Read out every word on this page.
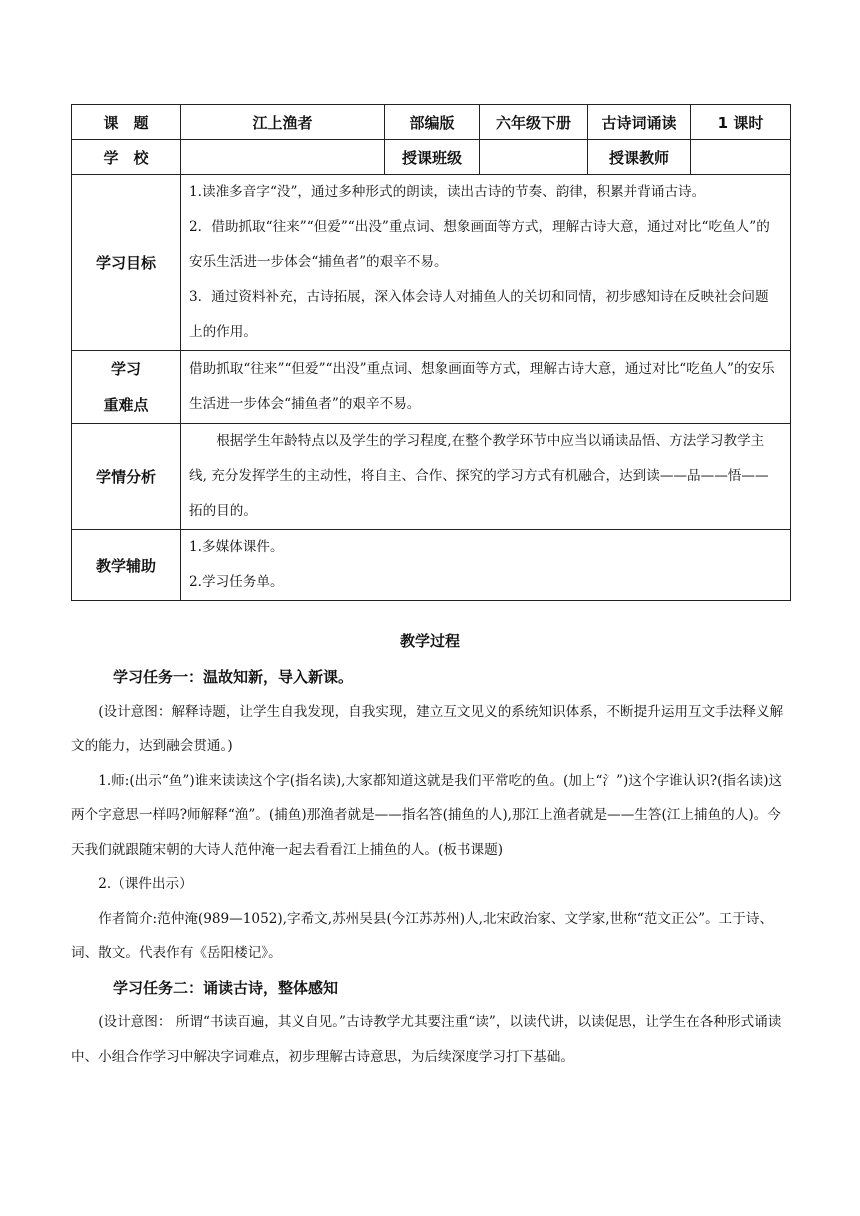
课　题	江上渔者	部编版	六年级下册	古诗词诵读	1 课时
学　校		授课班级		授课教师	
学习目标	1.读准多音字“没”，通过多种形式的朗读，读出古诗的节奏、韵律，积累并背诵古诗。

2．借助抓取“往来”“但爱”“出没”重点词、想象画面等方式，理解古诗大意，通过对比“吃鱼人”的安乐生活进一步体会“捕鱼者”的艰辛不易。

3．通过资料补充，古诗拓展，深入体会诗人对捕鱼人的关切和同情，初步感知诗在反映社会问题上的作用。				

学习
重难点	借助抓取“往来”“但爱”“出没”重点词、想象画面等方式，理解古诗大意，通过对比“吃鱼人”的安乐生活进一步体会“捕鱼者”的艰辛不易。				

学情分析	根据学生年龄特点以及学生的学习程度,在整个教学环节中应当以诵读品悟、方法学习教学主线, 充分发挥学生的主动性，将自主、合作、探究的学习方式有机融合，达到读——品——悟——拓的目的。				

教学辅助	1.多媒体课件。

2.学习任务单。				

教学过程

学习任务一：温故知新，导入新课。

(设计意图：解释诗题，让学生自我发现，自我实现，建立互文见义的系统知识体系，不断提升运用互文手法释义解文的能力，达到融会贯通。)

1.师:(出示“鱼”)谁来读读这个字(指名读),大家都知道这就是我们平常吃的鱼。(加上“氵”)这个字谁认识?(指名读)这两个字意思一样吗?师解释“渔”。(捕鱼)那渔者就是——指名答(捕鱼的人),那江上渔者就是——生答(江上捕鱼的人)。今天我们就跟随宋朝的大诗人范仲淹一起去看看江上捕鱼的人。(板书课题)

2.（课件出示）

作者简介:范仲淹(989—1052),字希文,苏州吴县(今江苏苏州)人,北宋政治家、文学家,世称“范文正公”。工于诗、词、散文。代表作有《岳阳楼记》。

学习任务二：诵读古诗，整体感知

(设计意图： 所谓“书读百遍，其义自见。”古诗教学尤其要注重“读”，以读代讲，以读促思，让学生在各种形式诵读中、小组合作学习中解决字词难点，初步理解古诗意思，为后续深度学习打下基础。
